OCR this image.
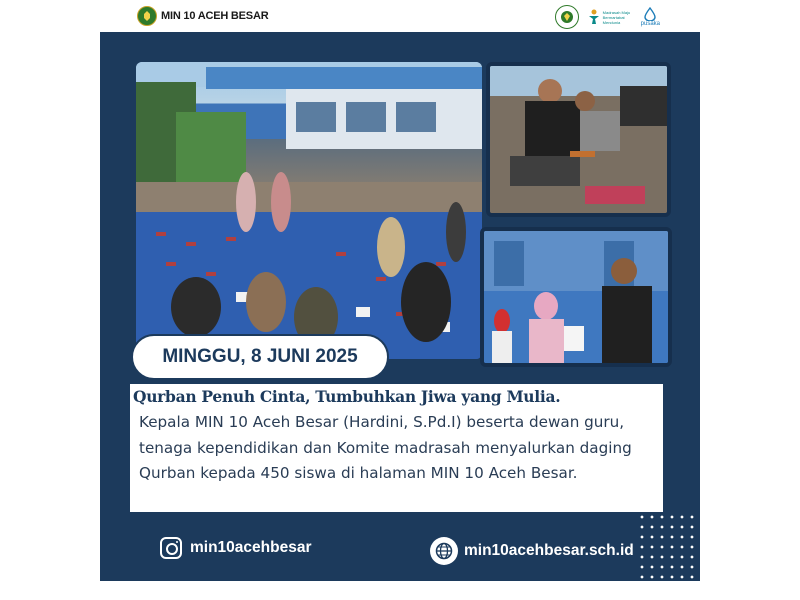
MIN 10 ACEH BESAR	Madrasah Maju Bermartabat Mendunia	pusaka
MINGGU, 8 JUNI 2025
Qurban Penuh Cinta, Tumbuhkan Jiwa yang Mulia.
Kepala MIN 10 Aceh Besar (Hardini, S.Pd.I) beserta dewan guru, tenaga kependidikan dan Komite madrasah menyalurkan daging Qurban kepada 450 siswa di halaman MIN 10 Aceh Besar.
min10acehbesar	min10acehbesar.sch.id
